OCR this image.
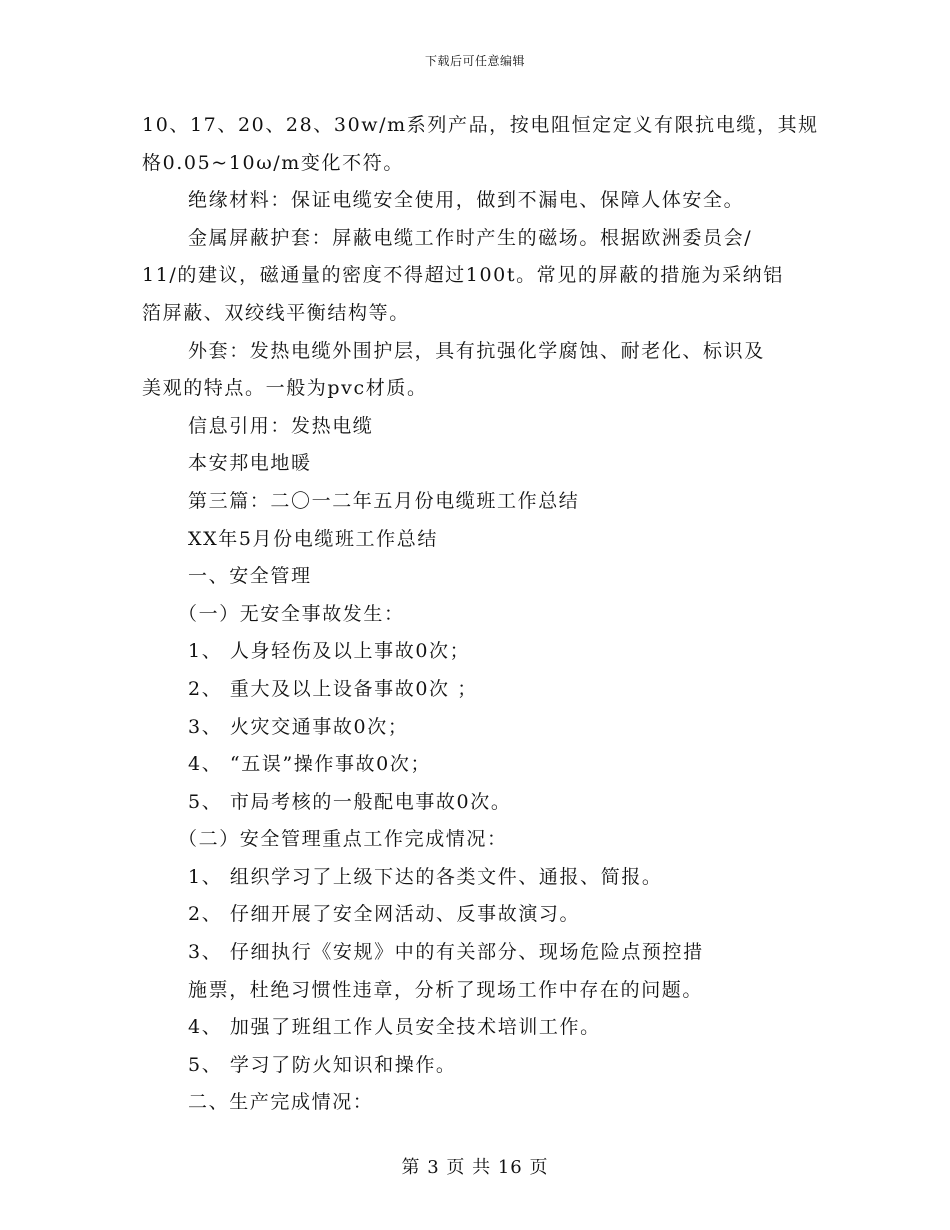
下载后可任意编辑
10、17、20、28、30w/m系列产品，按电阻恒定定义有限抗电缆，其规
格0.05~10ω/m变化不符。
绝缘材料：保证电缆安全使用，做到不漏电、保障人体安全。
金属屏蔽护套：屏蔽电缆工作时产生的磁场。根据欧洲委员会/
11/的建议，磁通量的密度不得超过100t。常见的屏蔽的措施为采纳铝
箔屏蔽、双绞线平衡结构等。
外套：发热电缆外围护层，具有抗强化学腐蚀、耐老化、标识及
美观的特点。一般为pvc材质。
信息引用：发热电缆
本安邦电地暖
第三篇：二〇一二年五月份电缆班工作总结
XX年5月份电缆班工作总结
一、安全管理
（一）无安全事故发生：
1、 人身轻伤及以上事故0次；
2、 重大及以上设备事故0次 ；
3、 火灾交通事故0次；
4、 “五误”操作事故0次；
5、 市局考核的一般配电事故0次。
（二）安全管理重点工作完成情况：
1、 组织学习了上级下达的各类文件、通报、简报。
2、 仔细开展了安全网活动、反事故演习。
3、 仔细执行《安规》中的有关部分、现场危险点预控措
施票，杜绝习惯性违章，分析了现场工作中存在的问题。
4、 加强了班组工作人员安全技术培训工作。
5、 学习了防火知识和操作。
二、生产完成情况：
第 3 页 共 16 页
